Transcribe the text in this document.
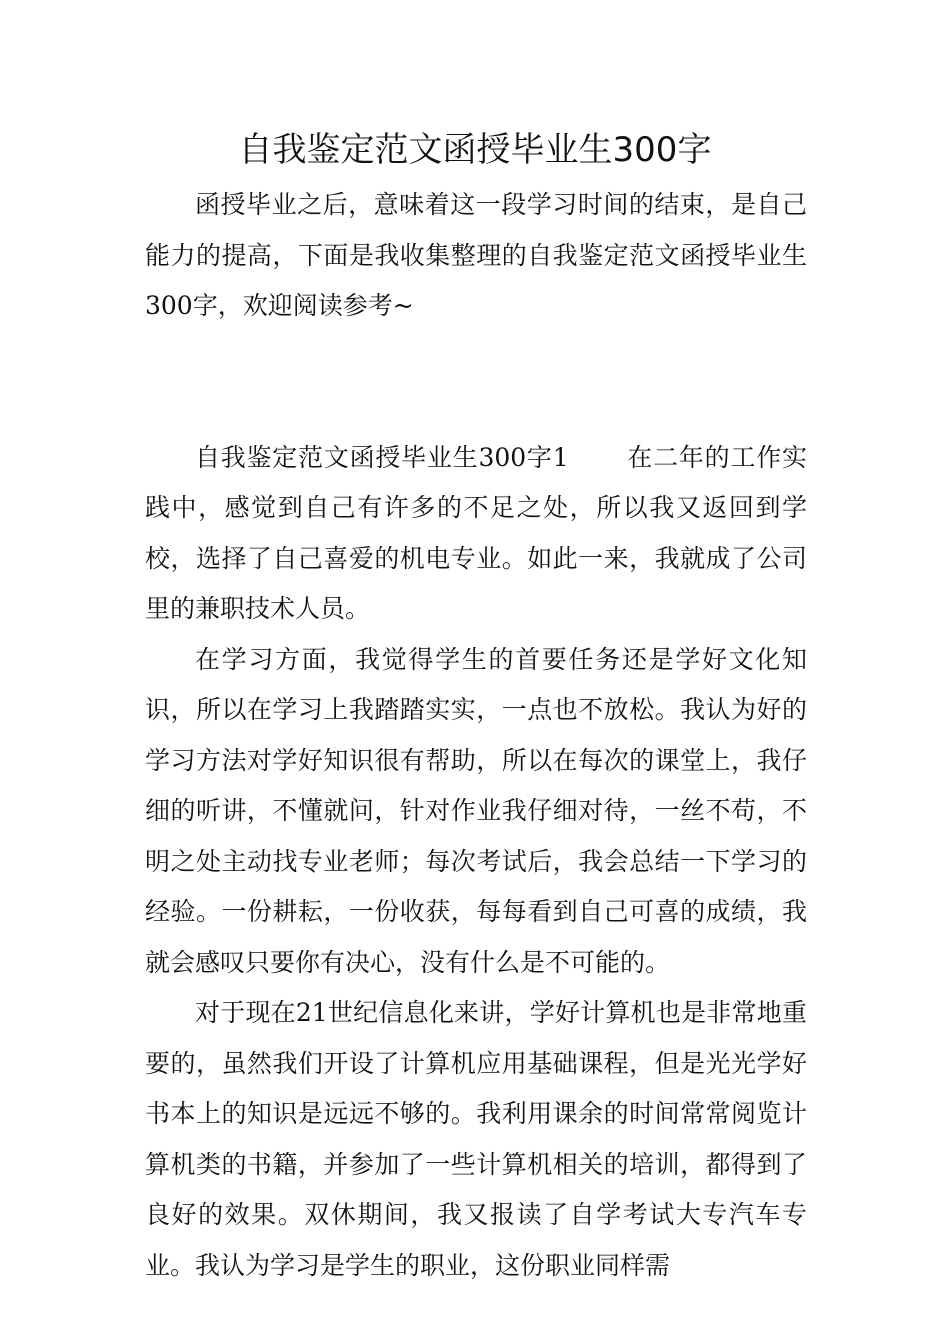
自我鉴定范文函授毕业生300字

函授毕业之后，意味着这一段学习时间的结束，是自己能力的提高，下面是我收集整理的自我鉴定范文函授毕业生300字，欢迎阅读参考~

自我鉴定范文函授毕业生300字1 在二年的工作实践中，感觉到自己有许多的不足之处，所以我又返回到学校，选择了自己喜爱的机电专业。如此一来，我就成了公司里的兼职技术人员。

在学习方面，我觉得学生的首要任务还是学好文化知识，所以在学习上我踏踏实实，一点也不放松。我认为好的学习方法对学好知识很有帮助，所以在每次的课堂上，我仔细的听讲，不懂就问，针对作业我仔细对待，一丝不苟，不明之处主动找专业老师；每次考试后，我会总结一下学习的经验。一份耕耘，一份收获，每每看到自己可喜的成绩，我就会感叹只要你有决心，没有什么是不可能的。

对于现在21世纪信息化来讲，学好计算机也是非常地重要的，虽然我们开设了计算机应用基础课程，但是光光学好书本上的知识是远远不够的。我利用课余的时间常常阅览计算机类的书籍，并参加了一些计算机相关的培训，都得到了良好的效果。双休期间，我又报读了自学考试大专汽车专业。我认为学习是学生的职业，这份职业同样需
